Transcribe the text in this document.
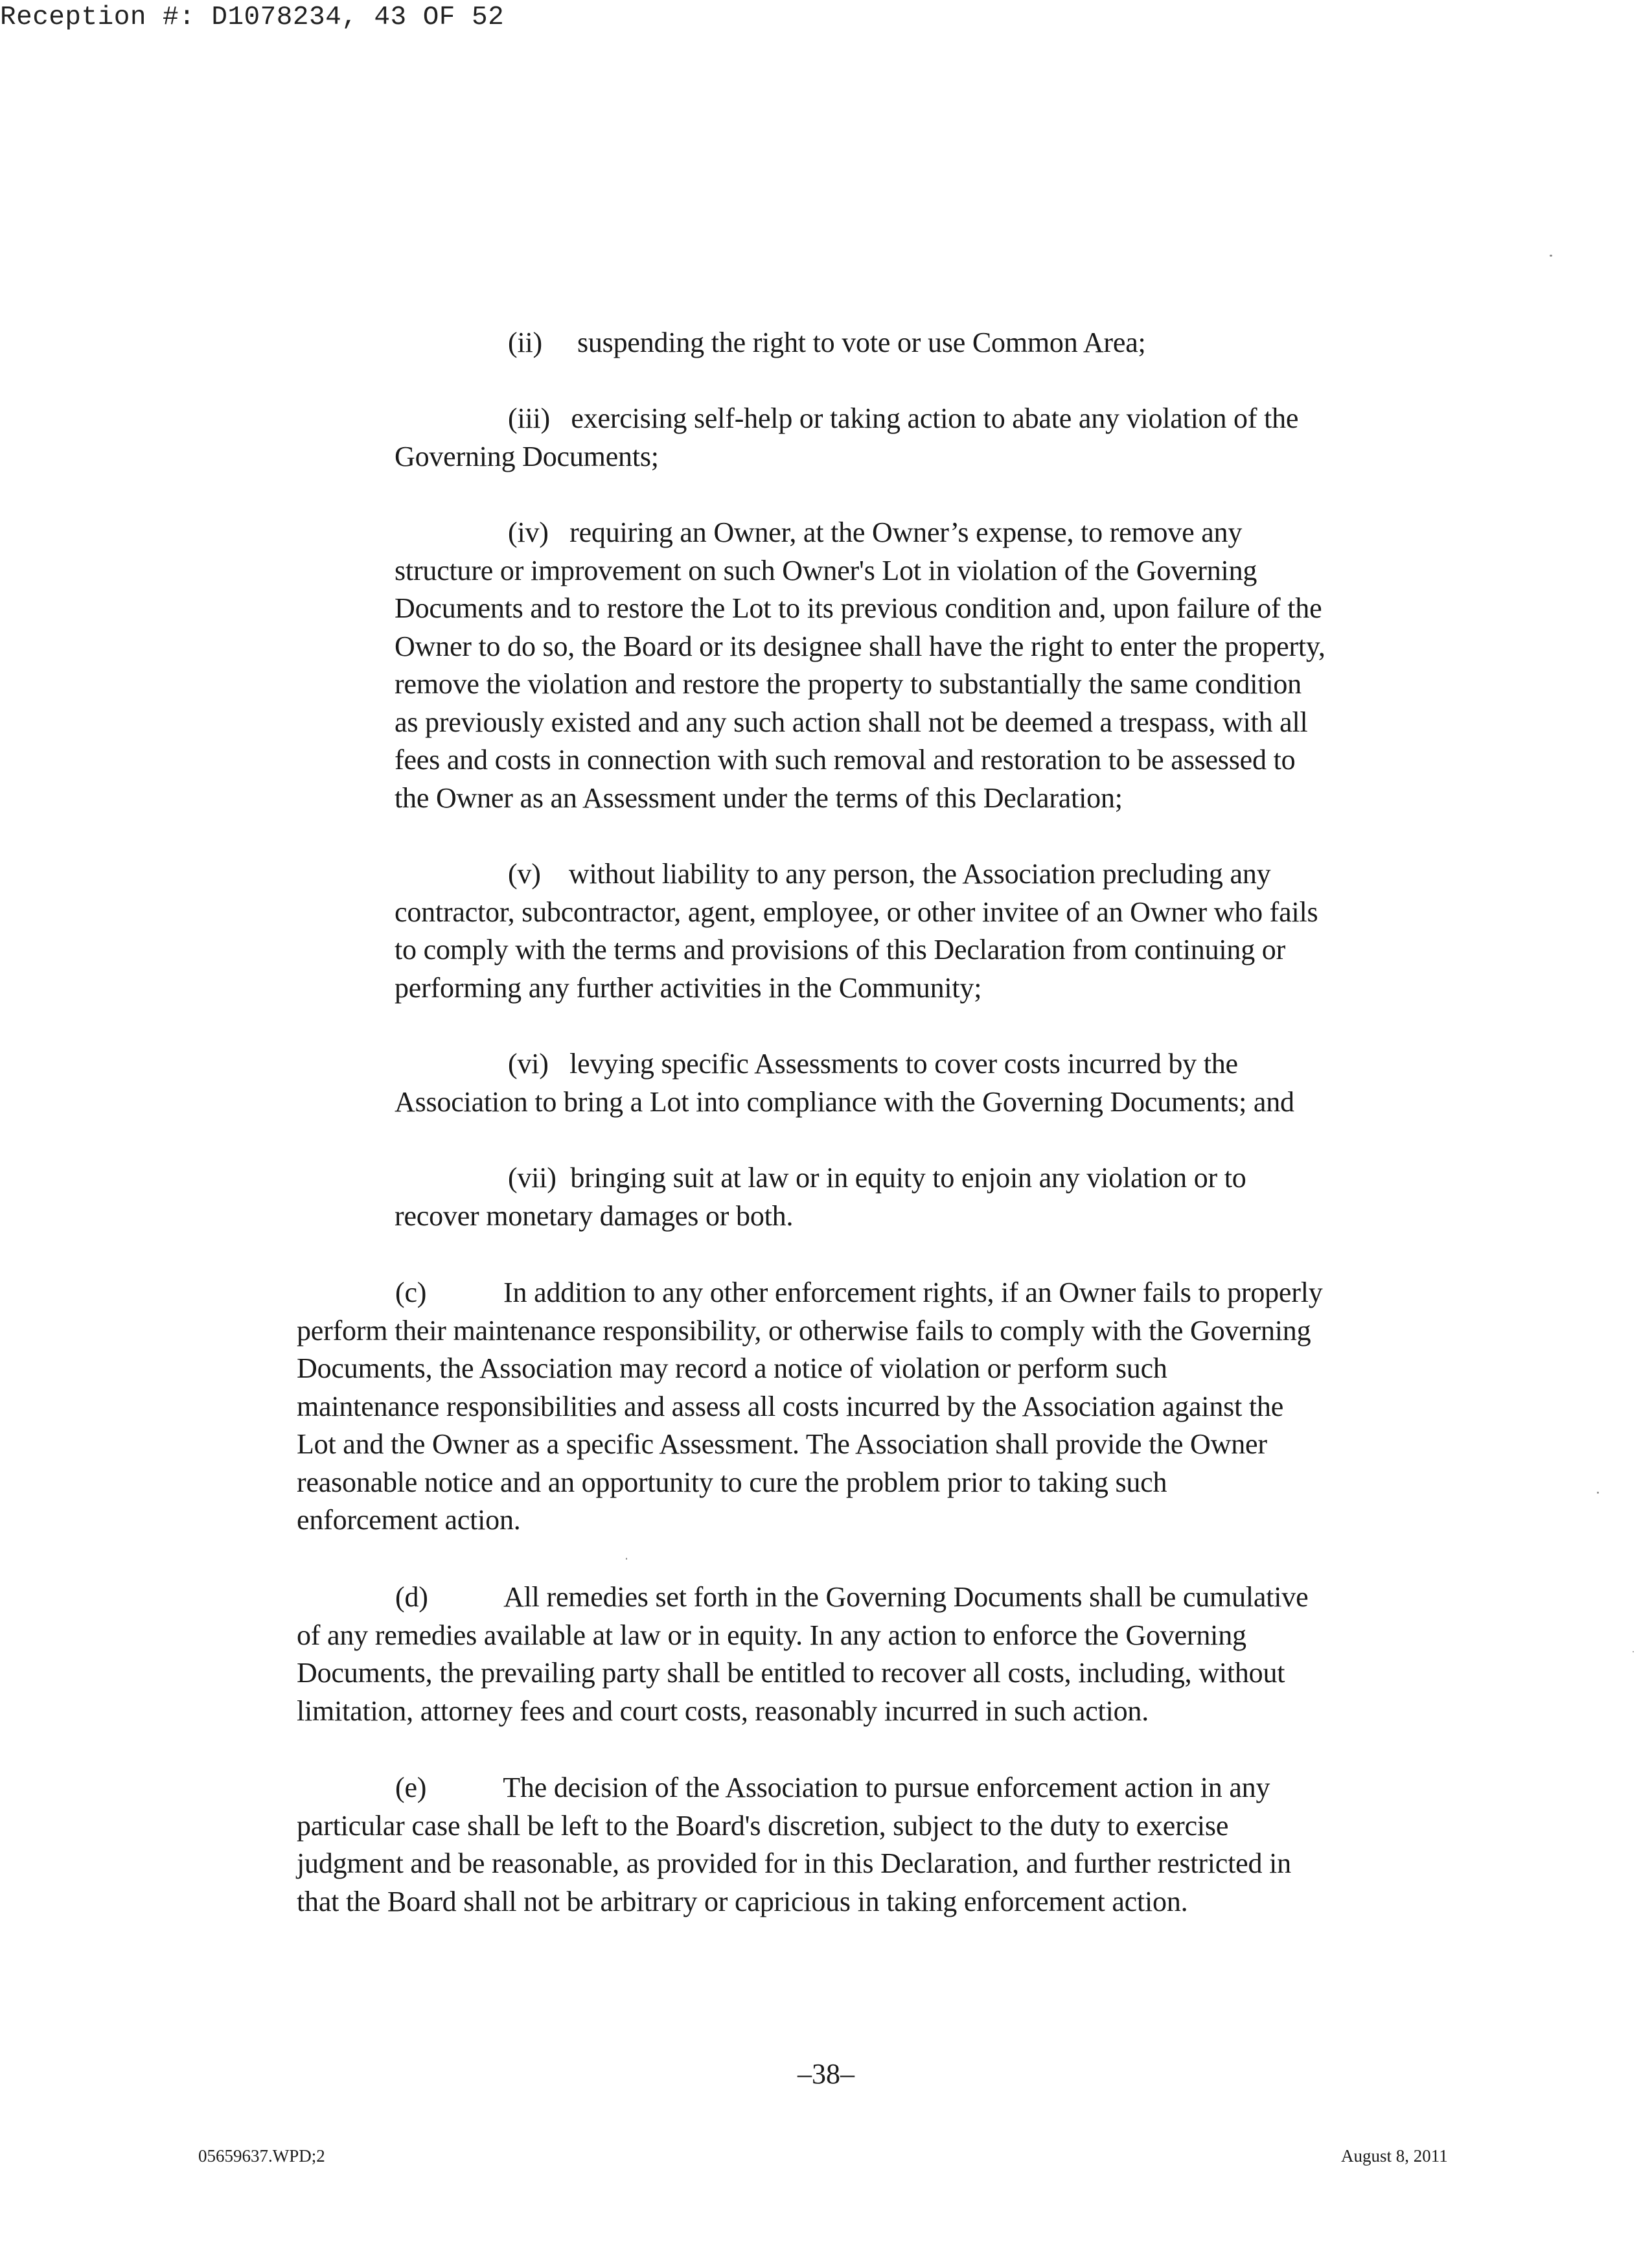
Reception #: D1078234, 43 OF 52
(ii)     suspending the right to vote or use Common Area;
(iii)   exercising self-help or taking action to abate any violation of the
Governing Documents;
(iv)   requiring an Owner, at the Owner’s expense, to remove any
structure or improvement on such Owner's Lot in violation of the Governing
Documents and to restore the Lot to its previous condition and, upon failure of the
Owner to do so, the Board or its designee shall have the right to enter the property,
remove the violation and restore the property to substantially the same condition
as previously existed and any such action shall not be deemed a trespass, with all
fees and costs in connection with such removal and restoration to be assessed to
the Owner as an Assessment under the terms of this Declaration;
(v)    without liability to any person, the Association precluding any
contractor, subcontractor, agent, employee, or other invitee of an Owner who fails
to comply with the terms and provisions of this Declaration from continuing or
performing any further activities in the Community;
(vi)   levying specific Assessments to cover costs incurred by the
Association to bring a Lot into compliance with the Governing Documents; and
(vii)  bringing suit at law or in equity to enjoin any violation or to
recover monetary damages or both.
(c)           In addition to any other enforcement rights, if an Owner fails to properly
perform their maintenance responsibility, or otherwise fails to comply with the Governing
Documents, the Association may record a notice of violation or perform such
maintenance responsibilities and assess all costs incurred by the Association against the
Lot and the Owner as a specific Assessment. The Association shall provide the Owner
reasonable notice and an opportunity to cure the problem prior to taking such
enforcement action.
(d)           All remedies set forth in the Governing Documents shall be cumulative
of any remedies available at law or in equity. In any action to enforce the Governing
Documents, the prevailing party shall be entitled to recover all costs, including, without
limitation, attorney fees and court costs, reasonably incurred in such action.
(e)           The decision of the Association to pursue enforcement action in any
particular case shall be left to the Board's discretion, subject to the duty to exercise
judgment and be reasonable, as provided for in this Declaration, and further restricted in
that the Board shall not be arbitrary or capricious in taking enforcement action.
–38–
05659637.WPD;2	August 8, 2011
